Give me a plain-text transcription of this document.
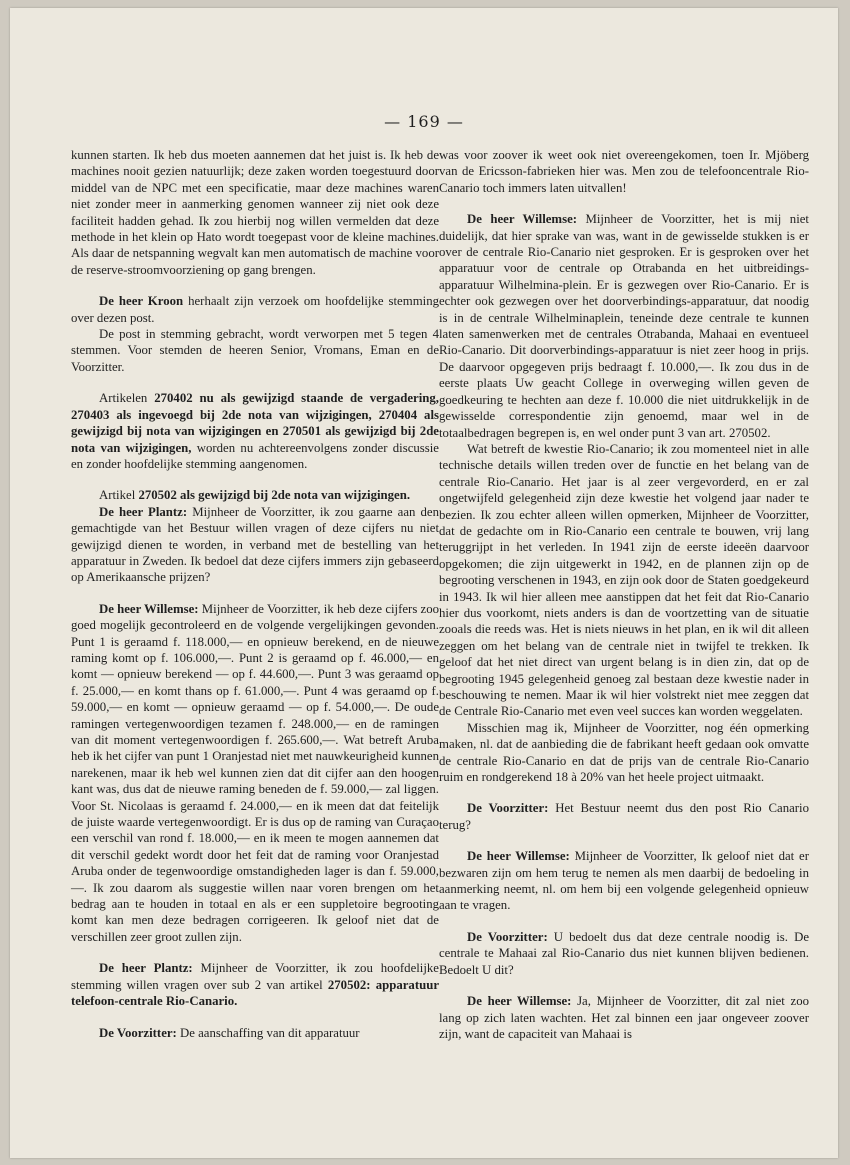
— 169 —

kunnen starten. Ik heb dus moeten aannemen dat het juist is. Ik heb de machines nooit gezien natuurlijk; deze zaken worden toegestuurd door middel van de NPC met een specificatie, maar deze machines waren niet zonder meer in aanmerking genomen wanneer zij niet ook deze faciliteit hadden gehad. Ik zou hierbij nog willen vermelden dat deze methode in het klein op Hato wordt toegepast voor de kleine machines. Als daar de netspanning wegvalt kan men automatisch de machine voor de reserve-stroomvoorziening op gang brengen.

De heer Kroon herhaalt zijn verzoek om hoofdelijke stemming over dezen post.

De post in stemming gebracht, wordt verworpen met 5 tegen 4 stemmen. Voor stemden de heeren Senior, Vromans, Eman en de Voorzitter.

Artikelen 270402 nu als gewijzigd staande de vergadering, 270403 als ingevoegd bij 2de nota van wijzigingen, 270404 als gewijzigd bij nota van wijzigingen en 270501 als gewijzigd bij 2de nota van wijzigingen, worden nu achtereenvolgens zonder discussie en zonder hoofdelijke stemming aangenomen.

Artikel 270502 als gewijzigd bij 2de nota van wijzigingen.

De heer Plantz: Mijnheer de Voorzitter, ik zou gaarne aan den gemachtigde van het Bestuur willen vragen of deze cijfers nu niet gewijzigd dienen te worden, in verband met de bestelling van het apparatuur in Zweden. Ik bedoel dat deze cijfers immers zijn gebaseerd op Amerikaansche prijzen?

De heer Willemse: Mijnheer de Voorzitter, ik heb deze cijfers zoo goed mogelijk gecontroleerd en de volgende vergelijkingen gevonden. Punt 1 is geraamd f. 118.000,— en opnieuw berekend, en de nieuwe raming komt op f. 106.000,—. Punt 2 is geraamd op f. 46.000,— en komt — opnieuw berekend — op f. 44.600,—. Punt 3 was geraamd op f. 25.000,— en komt thans op f. 61.000,—. Punt 4 was geraamd op f. 59.000,— en komt — opnieuw geraamd — op f. 54.000,—. De oude ramingen vertegenwoordigen tezamen f. 248.000,— en de ramingen van dit moment vertegenwoordigen f. 265.600,—. Wat betreft Aruba heb ik het cijfer van punt 1 Oranjestad niet met nauwkeurigheid kunnen narekenen, maar ik heb wel kunnen zien dat dit cijfer aan den hoogen kant was, dus dat de nieuwe raming beneden de f. 59.000,— zal liggen. Voor St. Nicolaas is geraamd f. 24.000,— en ik meen dat dat feitelijk de juiste waarde vertegenwoordigt. Er is dus op de raming van Curaçao een verschil van rond f. 18.000,— en ik meen te mogen aannemen dat dit verschil gedekt wordt door het feit dat de raming voor Oranjestad Aruba onder de tegenwoordige omstandigheden lager is dan f. 59.000,—. Ik zou daarom als suggestie willen naar voren brengen om het bedrag aan te houden in totaal en als er een suppletoire begrooting komt kan men deze bedragen corrigeeren. Ik geloof niet dat de verschillen zeer groot zullen zijn.

De heer Plantz: Mijnheer de Voorzitter, ik zou hoofdelijke stemming willen vragen over sub 2 van artikel 270502: apparatuur telefoon-centrale Rio-Canario.

De Voorzitter: De aanschaffing van dit apparatuur

was voor zoover ik weet ook niet overeengekomen, toen Ir. Mjöberg van de Ericsson-fabrieken hier was. Men zou de telefooncentrale Rio-Canario toch immers laten uitvallen!

De heer Willemse: Mijnheer de Voorzitter, het is mij niet duidelijk, dat hier sprake van was, want in de gewisselde stukken is er over de centrale Rio-Canario niet gesproken. Er is gesproken over het apparatuur voor de centrale op Otrabanda en het uitbreidings-apparatuur Wilhelmina-plein. Er is gezwegen over Rio-Canario. Er is echter ook gezwegen over het doorverbindings-apparatuur, dat noodig is in de centrale Wilhelminaplein, teneinde deze centrale te kunnen laten samenwerken met de centrales Otrabanda, Mahaai en eventueel Rio-Canario. Dit doorverbindings-apparatuur is niet zeer hoog in prijs. De daarvoor opgegeven prijs bedraagt f. 10.000,—. Ik zou dus in de eerste plaats Uw geacht College in overweging willen geven de goedkeuring te hechten aan deze f. 10.000 die niet uitdrukkelijk in de gewisselde correspondentie zijn genoemd, maar wel in de totaalbedragen begrepen is, en wel onder punt 3 van art. 270502.

Wat betreft de kwestie Rio-Canario; ik zou momenteel niet in alle technische details willen treden over de functie en het belang van de centrale Rio-Canario. Het jaar is al zeer vergevorderd, en er zal ongetwijfeld gelegenheid zijn deze kwestie het volgend jaar nader te bezien. Ik zou echter alleen willen opmerken, Mijnheer de Voorzitter, dat de gedachte om in Rio-Canario een centrale te bouwen, vrij lang teruggrijpt in het verleden. In 1941 zijn de eerste ideeën daarvoor opgekomen; die zijn uitgewerkt in 1942, en de plannen zijn op de begrooting verschenen in 1943, en zijn ook door de Staten goedgekeurd in 1943. Ik wil hier alleen mee aanstippen dat het feit dat Rio-Canario hier dus voorkomt, niets anders is dan de voortzetting van de situatie zooals die reeds was. Het is niets nieuws in het plan, en ik wil dit alleen zeggen om het belang van de centrale niet in twijfel te trekken. Ik geloof dat het niet direct van urgent belang is in dien zin, dat op de begrooting 1945 gelegenheid genoeg zal bestaan deze kwestie nader in beschouwing te nemen. Maar ik wil hier volstrekt niet mee zeggen dat de Centrale Rio-Canario met even veel succes kan worden weggelaten.

Misschien mag ik, Mijnheer de Voorzitter, nog één opmerking maken, nl. dat de aanbieding die de fabrikant heeft gedaan ook omvatte de centrale Rio-Canario en dat de prijs van de centrale Rio-Canario ruim en rondgerekend 18 à 20% van het heele project uitmaakt.

De Voorzitter: Het Bestuur neemt dus den post Rio Canario terug?

De heer Willemse: Mijnheer de Voorzitter, Ik geloof niet dat er bezwaren zijn om hem terug te nemen als men daarbij de bedoeling in aanmerking neemt, nl. om hem bij een volgende gelegenheid opnieuw aan te vragen.

De Voorzitter: U bedoelt dus dat deze centrale noodig is. De centrale te Mahaai zal Rio-Canario dus niet kunnen blijven bedienen. Bedoelt U dit?

De heer Willemse: Ja, Mijnheer de Voorzitter, dit zal niet zoo lang op zich laten wachten. Het zal binnen een jaar ongeveer zoover zijn, want de capaciteit van Mahaai is
